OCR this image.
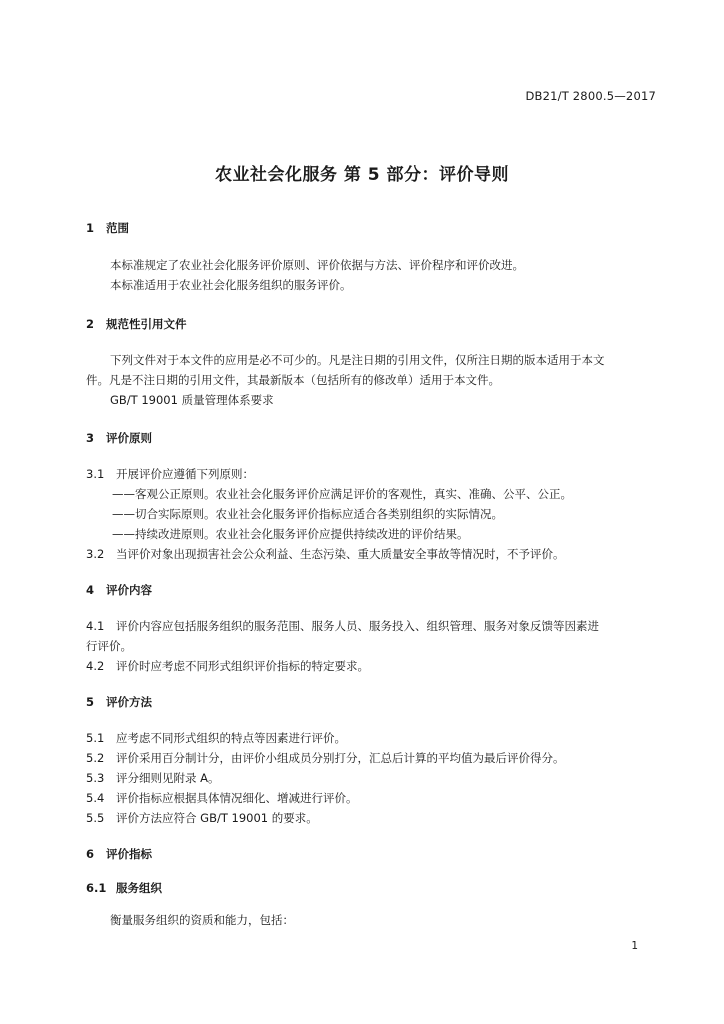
DB21/T 2800.5—2017
农业社会化服务 第 5 部分：评价导则
1 范围
本标准规定了农业社会化服务评价原则、评价依据与方法、评价程序和评价改进。
本标准适用于农业社会化服务组织的服务评价。
2 规范性引用文件
下列文件对于本文件的应用是必不可少的。凡是注日期的引用文件，仅所注日期的版本适用于本文
件。凡是不注日期的引用文件，其最新版本（包括所有的修改单）适用于本文件。
GB/T 19001 质量管理体系要求
3 评价原则
3.1 开展评价应遵循下列原则：
——客观公正原则。农业社会化服务评价应满足评价的客观性，真实、准确、公平、公正。
——切合实际原则。农业社会化服务评价指标应适合各类别组织的实际情况。
——持续改进原则。农业社会化服务评价应提供持续改进的评价结果。
3.2 当评价对象出现损害社会公众利益、生态污染、重大质量安全事故等情况时，不予评价。
4 评价内容
4.1 评价内容应包括服务组织的服务范围、服务人员、服务投入、组织管理、服务对象反馈等因素进
行评价。
4.2 评价时应考虑不同形式组织评价指标的特定要求。
5 评价方法
5.1 应考虑不同形式组织的特点等因素进行评价。
5.2 评价采用百分制计分，由评价小组成员分别打分，汇总后计算的平均值为最后评价得分。
5.3 评分细则见附录 A。
5.4 评价指标应根据具体情况细化、增减进行评价。
5.5 评价方法应符合 GB/T 19001 的要求。
6 评价指标
6.1 服务组织
衡量服务组织的资质和能力，包括：
1
